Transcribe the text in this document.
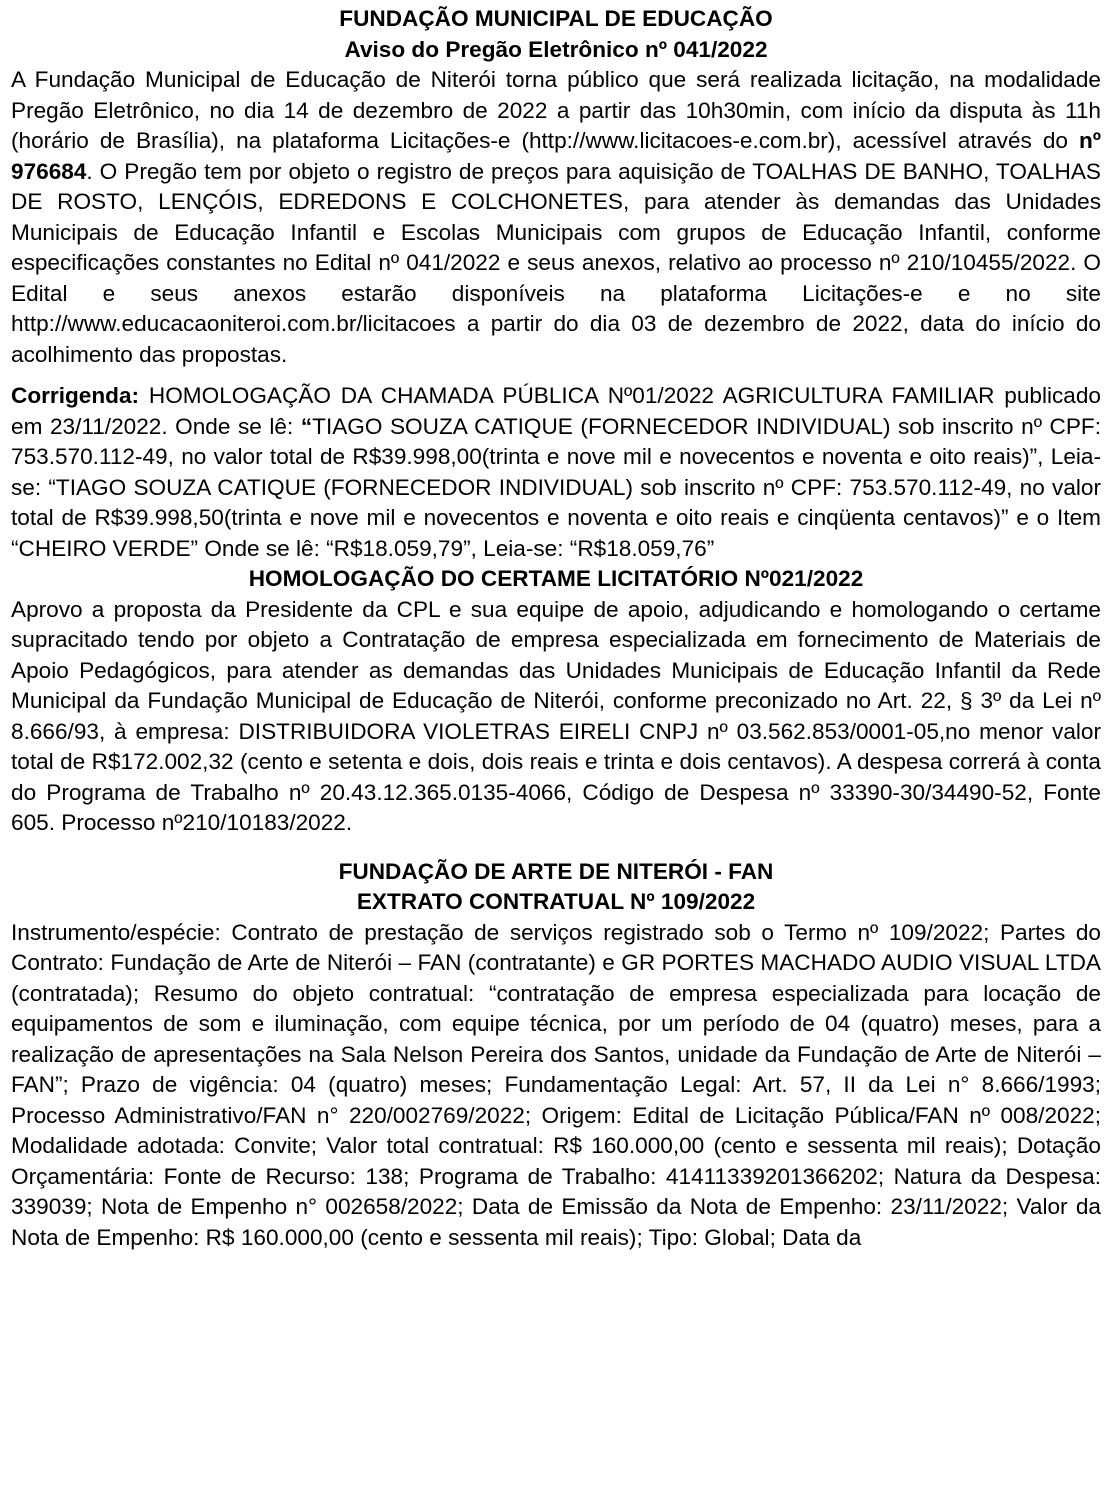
FUNDAÇÃO MUNICIPAL DE EDUCAÇÃO
Aviso do Pregão Eletrônico nº 041/2022
A Fundação Municipal de Educação de Niterói torna público que será realizada licitação, na modalidade Pregão Eletrônico, no dia 14 de dezembro de 2022 a partir das 10h30min, com início da disputa às 11h (horário de Brasília), na plataforma Licitações-e (http://www.licitacoes-e.com.br), acessível através do nº 976684. O Pregão tem por objeto o registro de preços para aquisição de TOALHAS DE BANHO, TOALHAS DE ROSTO, LENÇÓIS, EDREDONS E COLCHONETES, para atender às demandas das Unidades Municipais de Educação Infantil e Escolas Municipais com grupos de Educação Infantil, conforme especificações constantes no Edital nº 041/2022 e seus anexos, relativo ao processo nº 210/10455/2022. O Edital e seus anexos estarão disponíveis na plataforma Licitações-e e no site http://www.educacaoniteroi.com.br/licitacoes a partir do dia 03 de dezembro de 2022, data do início do acolhimento das propostas.
Corrigenda: HOMOLOGAÇÃO DA CHAMADA PÚBLICA Nº01/2022 AGRICULTURA FAMILIAR publicado em 23/11/2022. Onde se lê: “TIAGO SOUZA CATIQUE (FORNECEDOR INDIVIDUAL) sob inscrito nº CPF: 753.570.112-49, no valor total de R$39.998,00(trinta e nove mil e novecentos e noventa e oito reais)”, Leia-se: “TIAGO SOUZA CATIQUE (FORNECEDOR INDIVIDUAL) sob inscrito nº CPF: 753.570.112-49, no valor total de R$39.998,50(trinta e nove mil e novecentos e noventa e oito reais e cinqüenta centavos)” e o Item “CHEIRO VERDE” Onde se lê: “R$18.059,79”, Leia-se: “R$18.059,76”
HOMOLOGAÇÃO DO CERTAME LICITATÓRIO Nº021/2022
Aprovo a proposta da Presidente da CPL e sua equipe de apoio, adjudicando e homologando o certame supracitado tendo por objeto a Contratação de empresa especializada em fornecimento de Materiais de Apoio Pedagógicos, para atender as demandas das Unidades Municipais de Educação Infantil da Rede Municipal da Fundação Municipal de Educação de Niterói, conforme preconizado no Art. 22, § 3º da Lei nº 8.666/93, à empresa: DISTRIBUIDORA VIOLETRAS EIRELI CNPJ nº 03.562.853/0001-05,no menor valor total de R$172.002,32 (cento e setenta e dois, dois reais e trinta e dois centavos). A despesa correrá à conta do Programa de Trabalho nº 20.43.12.365.0135-4066, Código de Despesa nº 33390-30/34490-52, Fonte 605. Processo nº210/10183/2022.
FUNDAÇÃO DE ARTE DE NITERÓI - FAN
EXTRATO CONTRATUAL Nº 109/2022
Instrumento/espécie: Contrato de prestação de serviços registrado sob o Termo nº 109/2022; Partes do Contrato: Fundação de Arte de Niterói – FAN (contratante) e GR PORTES MACHADO AUDIO VISUAL LTDA (contratada); Resumo do objeto contratual: “contratação de empresa especializada para locação de equipamentos de som e iluminação, com equipe técnica, por um período de 04 (quatro) meses, para a realização de apresentações na Sala Nelson Pereira dos Santos, unidade da Fundação de Arte de Niterói – FAN”; Prazo de vigência: 04 (quatro) meses; Fundamentação Legal: Art. 57, II da Lei n° 8.666/1993; Processo Administrativo/FAN n° 220/002769/2022; Origem: Edital de Licitação Pública/FAN nº 008/2022; Modalidade adotada: Convite; Valor total contratual: R$ 160.000,00 (cento e sessenta mil reais); Dotação Orçamentária: Fonte de Recurso: 138; Programa de Trabalho: 41411339201366202; Natura da Despesa: 339039; Nota de Empenho n° 002658/2022; Data de Emissão da Nota de Empenho: 23/11/2022; Valor da Nota de Empenho: R$ 160.000,00 (cento e sessenta mil reais); Tipo: Global; Data da
